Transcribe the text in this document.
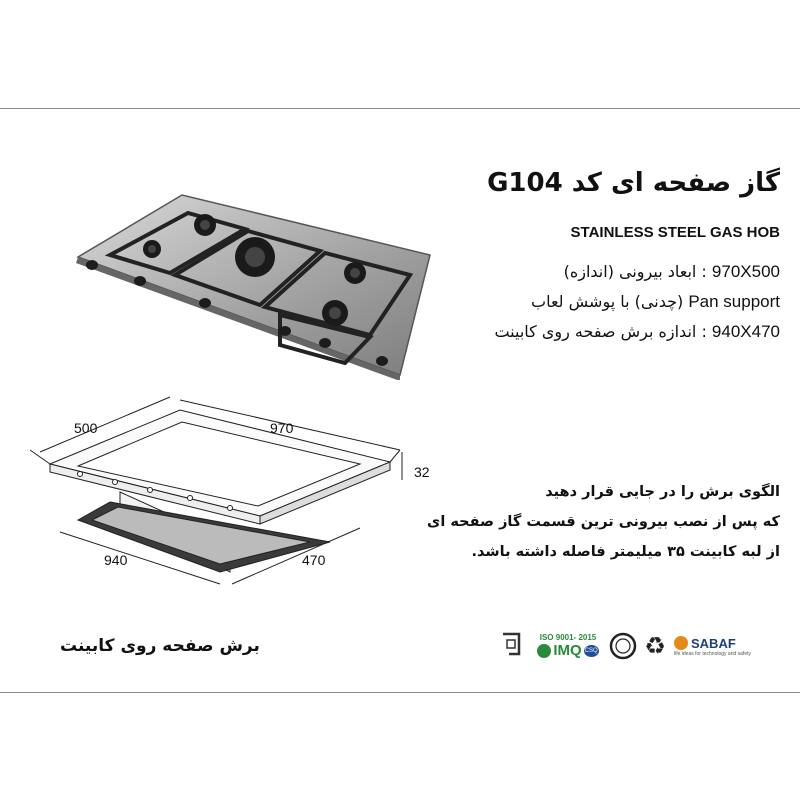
گاز صفحه ای کد G104
STAINLESS STEEL GAS HOB
: ابعاد بیرونی (اندازه) 970X500
(چدنی) با پوشش لعاب Pan support
: اندازه برش صفحه روی کابینت 940X470
500	970
32
940	470
الگوی برش را در جایی قرار دهید
که پس از نصب بیرونی ترین قسمت گاز صفحه ای
از لبه کابینت ۳۵ میلیمتر فاصله داشته باشد.
برش صفحه روی کابینت	ISO 9001- 2015
IMQ CSQ ♻ SABAF
life ideas for technology and safety
